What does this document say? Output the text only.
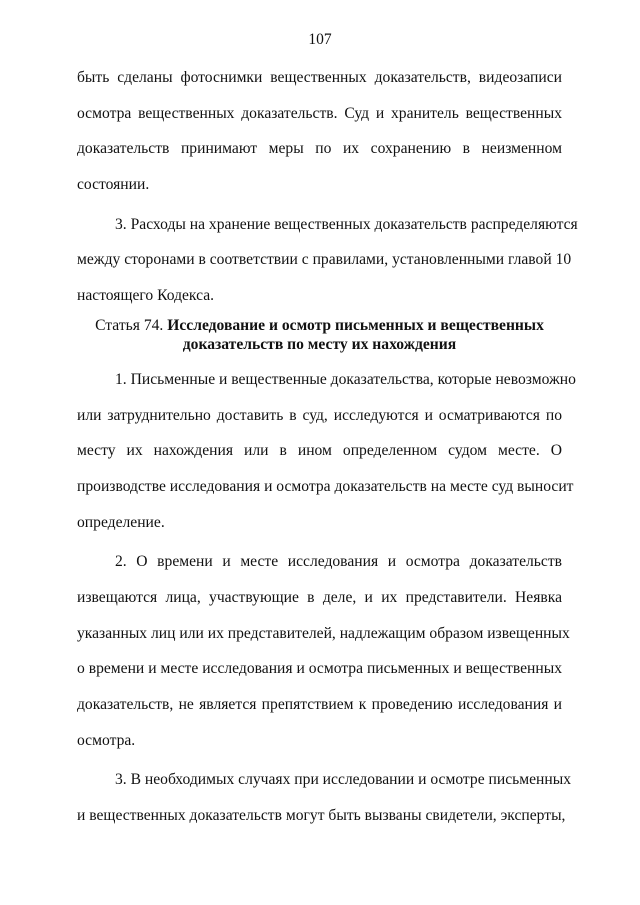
107
быть сделаны фотоснимки вещественных доказательств, видеозаписи
осмотра вещественных доказательств. Суд и хранитель вещественных
доказательств принимают меры по их сохранению в неизменном
состоянии.
3. Расходы на хранение вещественных доказательств распределяются
между сторонами в соответствии с правилами, установленными главой 10
настоящего Кодекса.
Статья 74. Исследование и осмотр письменных и вещественных
доказательств по месту их нахождения
1. Письменные и вещественные доказательства, которые невозможно
или затруднительно доставить в суд, исследуются и осматриваются по
месту их нахождения или в ином определенном судом месте. О
производстве исследования и осмотра доказательств на месте суд выносит
определение.
2. О времени и месте исследования и осмотра доказательств
извещаются лица, участвующие в деле, и их представители. Неявка
указанных лиц или их представителей, надлежащим образом извещенных
о времени и месте исследования и осмотра письменных и вещественных
доказательств, не является препятствием к проведению исследования и
осмотра.
3. В необходимых случаях при исследовании и осмотре письменных
и вещественных доказательств могут быть вызваны свидетели, эксперты,
